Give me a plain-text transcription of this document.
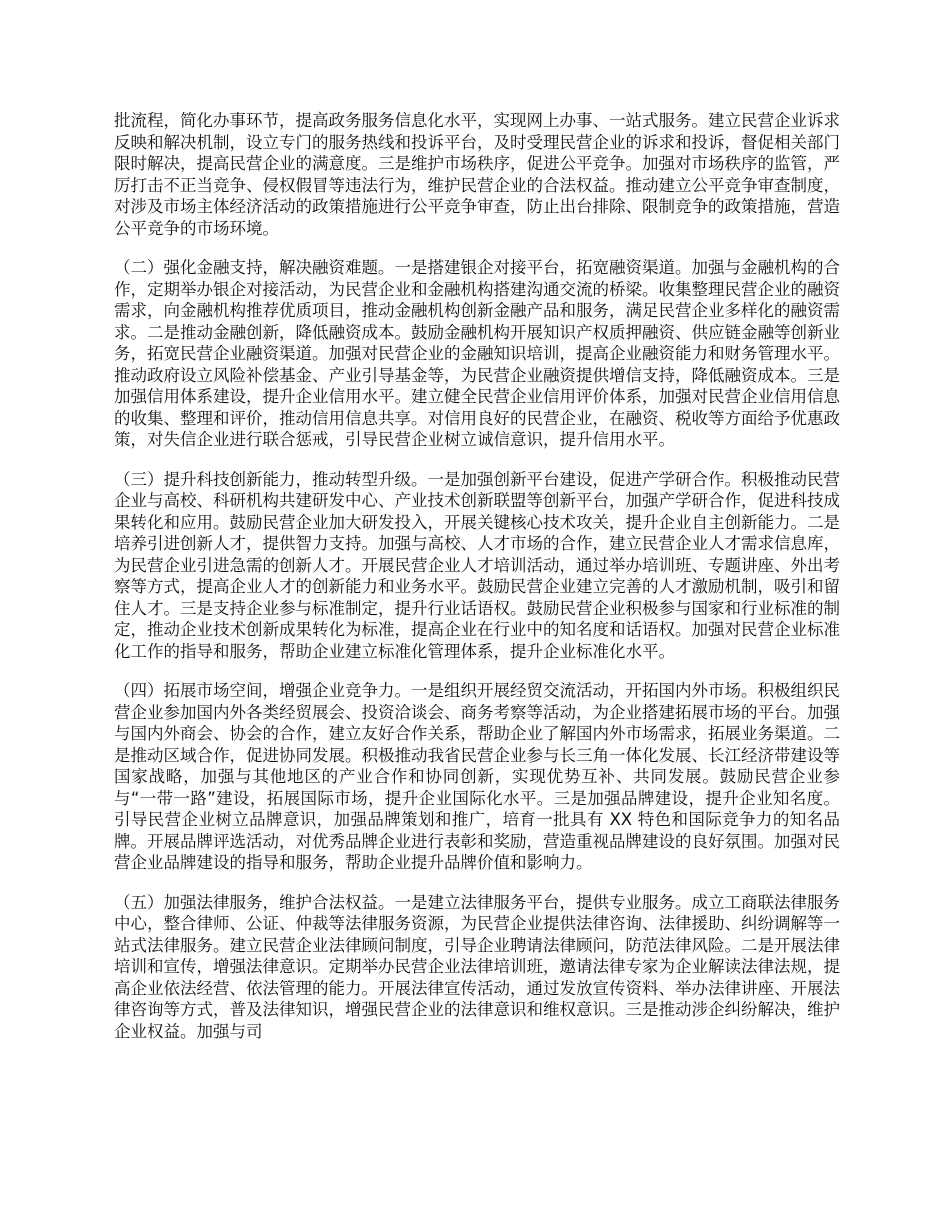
批流程，简化办事环节，提高政务服务信息化水平，实现网上办事、一站式服务。建立民营企业诉求反映和解决机制，设立专门的服务热线和投诉平台，及时受理民营企业的诉求和投诉，督促相关部门限时解决，提高民营企业的满意度。三是维护市场秩序，促进公平竞争。加强对市场秩序的监管，严厉打击不正当竞争、侵权假冒等违法行为，维护民营企业的合法权益。推动建立公平竞争审查制度，对涉及市场主体经济活动的政策措施进行公平竞争审查，防止出台排除、限制竞争的政策措施，营造公平竞争的市场环境。

（二）强化金融支持，解决融资难题。一是搭建银企对接平台，拓宽融资渠道。加强与金融机构的合作，定期举办银企对接活动，为民营企业和金融机构搭建沟通交流的桥梁。收集整理民营企业的融资需求，向金融机构推荐优质项目，推动金融机构创新金融产品和服务，满足民营企业多样化的融资需求。二是推动金融创新，降低融资成本。鼓励金融机构开展知识产权质押融资、供应链金融等创新业务，拓宽民营企业融资渠道。加强对民营企业的金融知识培训，提高企业融资能力和财务管理水平。推动政府设立风险补偿基金、产业引导基金等，为民营企业融资提供增信支持，降低融资成本。三是加强信用体系建设，提升企业信用水平。建立健全民营企业信用评价体系，加强对民营企业信用信息的收集、整理和评价，推动信用信息共享。对信用良好的民营企业，在融资、税收等方面给予优惠政策，对失信企业进行联合惩戒，引导民营企业树立诚信意识，提升信用水平。

（三）提升科技创新能力，推动转型升级。一是加强创新平台建设，促进产学研合作。积极推动民营企业与高校、科研机构共建研发中心、产业技术创新联盟等创新平台，加强产学研合作，促进科技成果转化和应用。鼓励民营企业加大研发投入，开展关键核心技术攻关，提升企业自主创新能力。二是培养引进创新人才，提供智力支持。加强与高校、人才市场的合作，建立民营企业人才需求信息库，为民营企业引进急需的创新人才。开展民营企业人才培训活动，通过举办培训班、专题讲座、外出考察等方式，提高企业人才的创新能力和业务水平。鼓励民营企业建立完善的人才激励机制，吸引和留住人才。三是支持企业参与标准制定，提升行业话语权。鼓励民营企业积极参与国家和行业标准的制定，推动企业技术创新成果转化为标准，提高企业在行业中的知名度和话语权。加强对民营企业标准化工作的指导和服务，帮助企业建立标准化管理体系，提升企业标准化水平。

（四）拓展市场空间，增强企业竞争力。一是组织开展经贸交流活动，开拓国内外市场。积极组织民营企业参加国内外各类经贸展会、投资洽谈会、商务考察等活动，为企业搭建拓展市场的平台。加强与国内外商会、协会的合作，建立友好合作关系，帮助企业了解国内外市场需求，拓展业务渠道。二是推动区域合作，促进协同发展。积极推动我省民营企业参与长三角一体化发展、长江经济带建设等国家战略，加强与其他地区的产业合作和协同创新，实现优势互补、共同发展。鼓励民营企业参与“一带一路”建设，拓展国际市场，提升企业国际化水平。三是加强品牌建设，提升企业知名度。引导民营企业树立品牌意识，加强品牌策划和推广，培育一批具有 XX 特色和国际竞争力的知名品牌。开展品牌评选活动，对优秀品牌企业进行表彰和奖励，营造重视品牌建设的良好氛围。加强对民营企业品牌建设的指导和服务，帮助企业提升品牌价值和影响力。

（五）加强法律服务，维护合法权益。一是建立法律服务平台，提供专业服务。成立工商联法律服务中心，整合律师、公证、仲裁等法律服务资源，为民营企业提供法律咨询、法律援助、纠纷调解等一站式法律服务。建立民营企业法律顾问制度，引导企业聘请法律顾问，防范法律风险。二是开展法律培训和宣传，增强法律意识。定期举办民营企业法律培训班，邀请法律专家为企业解读法律法规，提高企业依法经营、依法管理的能力。开展法律宣传活动，通过发放宣传资料、举办法律讲座、开展法律咨询等方式，普及法律知识，增强民营企业的法律意识和维权意识。三是推动涉企纠纷解决，维护企业权益。加强与司
